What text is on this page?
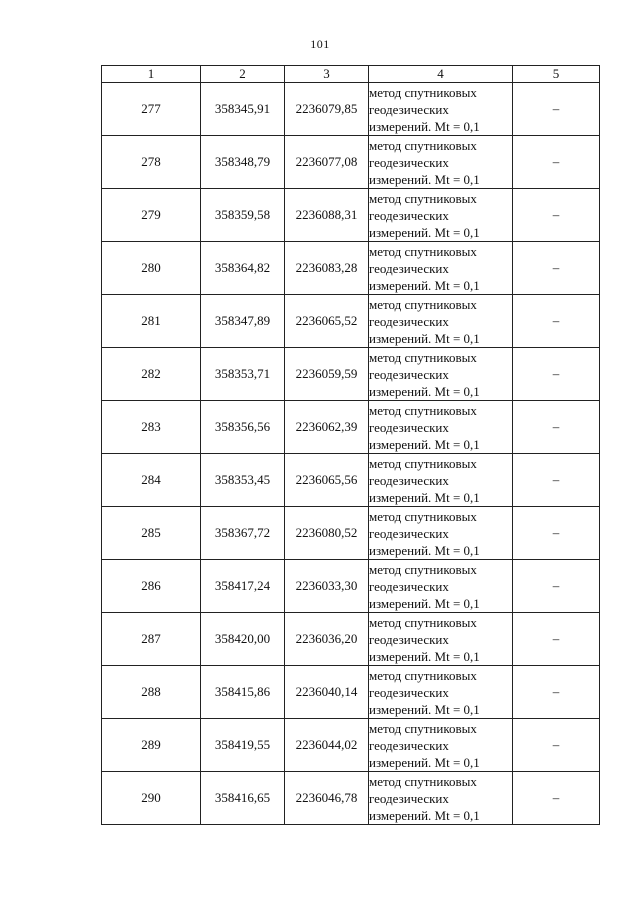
101
1	2	3	4	5
277	358345,91	2236079,85	метод спутниковых
геодезических
измерений. Mt = 0,1	–
278	358348,79	2236077,08	метод спутниковых
геодезических
измерений. Mt = 0,1	–
279	358359,58	2236088,31	метод спутниковых
геодезических
измерений. Mt = 0,1	–
280	358364,82	2236083,28	метод спутниковых
геодезических
измерений. Mt = 0,1	–
281	358347,89	2236065,52	метод спутниковых
геодезических
измерений. Mt = 0,1	–
282	358353,71	2236059,59	метод спутниковых
геодезических
измерений. Mt = 0,1	–
283	358356,56	2236062,39	метод спутниковых
геодезических
измерений. Mt = 0,1	–
284	358353,45	2236065,56	метод спутниковых
геодезических
измерений. Mt = 0,1	–
285	358367,72	2236080,52	метод спутниковых
геодезических
измерений. Mt = 0,1	–
286	358417,24	2236033,30	метод спутниковых
геодезических
измерений. Mt = 0,1	–
287	358420,00	2236036,20	метод спутниковых
геодезических
измерений. Mt = 0,1	–
288	358415,86	2236040,14	метод спутниковых
геодезических
измерений. Mt = 0,1	–
289	358419,55	2236044,02	метод спутниковых
геодезических
измерений. Mt = 0,1	–
290	358416,65	2236046,78	метод спутниковых
геодезических
измерений. Mt = 0,1	–
